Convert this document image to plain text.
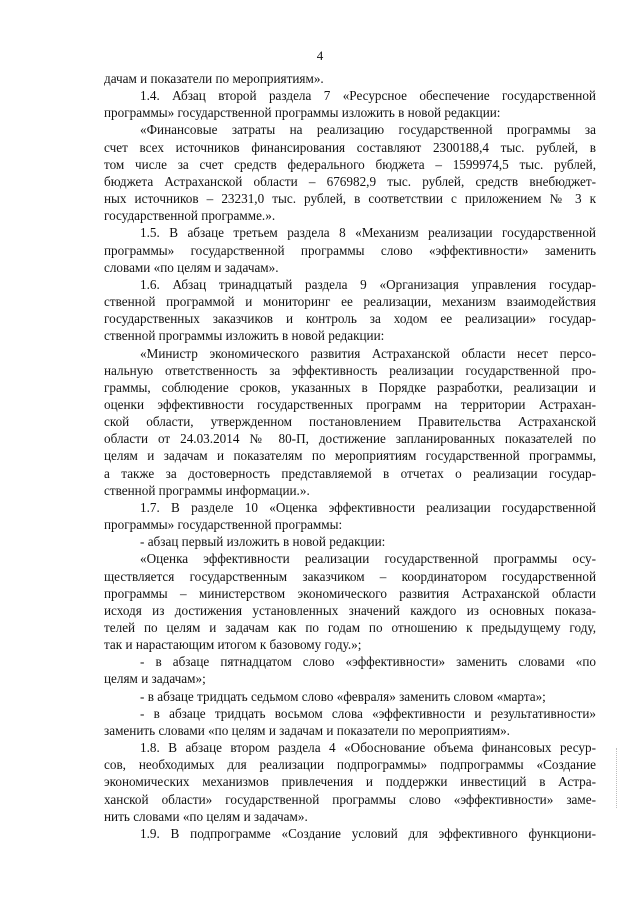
4
дачам и показатели по мероприятиям».
1.4. Абзац второй раздела 7 «Ресурсное обеспечение государственной
программы» государственной программы изложить в новой редакции:
«Финансовые затраты на реализацию государственной программы за
счет всех источников финансирования составляют 2300188,4 тыс. рублей, в
том числе за счет средств федерального бюджета – 1599974,5 тыс. рублей,
бюджета Астраханской области – 676982,9 тыс. рублей, средств внебюджет-
ных источников – 23231,0 тыс. рублей, в соответствии с приложением № 3 к
государственной программе.».
1.5. В абзаце третьем раздела 8 «Механизм реализации государственной
программы» государственной программы слово «эффективности» заменить
словами «по целям и задачам».
1.6. Абзац тринадцатый раздела 9 «Организация управления государ-
ственной программой и мониторинг ее реализации, механизм взаимодействия
государственных заказчиков и контроль за ходом ее реализации» государ-
ственной программы изложить в новой редакции:
«Министр экономического развития Астраханской области несет персо-
нальную ответственность за эффективность реализации государственной про-
граммы, соблюдение сроков, указанных в Порядке разработки, реализации и
оценки эффективности государственных программ на территории Астрахан-
ской области, утвержденном постановлением Правительства Астраханской
области от 24.03.2014 № 80-П, достижение запланированных показателей по
целям и задачам и показателям по мероприятиям государственной программы,
а также за достоверность представляемой в отчетах о реализации государ-
ственной программы информации.».
1.7. В разделе 10 «Оценка эффективности реализации государственной
программы» государственной программы:
- абзац первый изложить в новой редакции:
«Оценка эффективности реализации государственной программы осу-
ществляется государственным заказчиком – координатором государственной
программы – министерством экономического развития Астраханской области
исходя из достижения установленных значений каждого из основных показа-
телей по целям и задачам как по годам по отношению к предыдущему году,
так и нарастающим итогом к базовому году.»;
- в абзаце пятнадцатом слово «эффективности» заменить словами «по
целям и задачам»;
- в абзаце тридцать седьмом слово «февраля» заменить словом «марта»;
- в абзаце тридцать восьмом слова «эффективности и результативности»
заменить словами «по целям и задачам и показатели по мероприятиям».
1.8. В абзаце втором раздела 4 «Обоснование объема финансовых ресур-
сов, необходимых для реализации подпрограммы» подпрограммы «Создание
экономических механизмов привлечения и поддержки инвестиций в Астра-
ханской области» государственной программы слово «эффективности» заме-
нить словами «по целям и задачам».
1.9. В подпрограмме «Создание условий для эффективного функциони-
